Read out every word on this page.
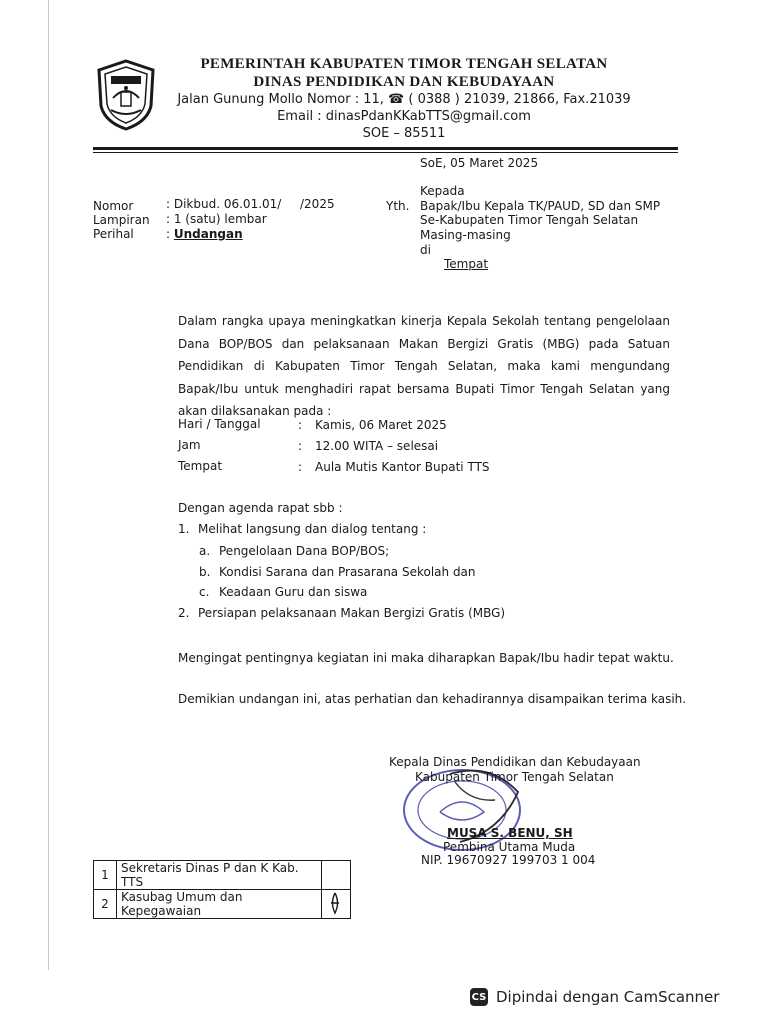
PEMERINTAH KABUPATEN TIMOR TENGAH SELATAN
DINAS PENDIDIKAN DAN KEBUDAYAAN
Jalan Gunung Mollo Nomor : 11, ☎ ( 0388 ) 21039, 21866, Fax.21039
Email : dinasPdanKKabTTS@gmail.com
SOE – 85511
SoE, 05 Maret 2025
Nomor	: Dikbud. 06.01.01/ /2025
Lampiran : 1 (satu) lembar
Perihal	: Undangan
Kepada
Yth. Bapak/Ibu Kepala TK/PAUD, SD dan SMP
Se-Kabupaten Timor Tengah Selatan
Masing-masing
di
Tempat
Dalam rangka upaya meningkatkan kinerja Kepala Sekolah tentang pengelolaan Dana BOP/BOS dan pelaksanaan Makan Bergizi Gratis (MBG) pada Satuan Pendidikan di Kabupaten Timor Tengah Selatan, maka kami mengundang Bapak/Ibu untuk menghadiri rapat bersama Bupati Timor Tengah Selatan yang akan dilaksanakan pada :
Hari / Tanggal	: Kamis, 06 Maret 2025
Jam	: 12.00 WITA – selesai
Tempat	: Aula Mutis Kantor Bupati TTS
Dengan agenda rapat sbb :
1. Melihat langsung dan dialog tentang :
a. Pengelolaan Dana BOP/BOS;
b. Kondisi Sarana dan Prasarana Sekolah dan
c. Keadaan Guru dan siswa
2. Persiapan pelaksanaan Makan Bergizi Gratis (MBG)
Mengingat pentingnya kegiatan ini maka diharapkan Bapak/Ibu hadir tepat waktu.
Demikian undangan ini, atas perhatian dan kehadirannya disampaikan terima kasih.
Kepala Dinas Pendidikan dan Kebudayaan
Kabupaten Timor Tengah Selatan
MUSA S. BENU, SH
Pembina Utama Muda
NIP. 19670927 199703 1 004
1	Sekretaris Dinas P dan K Kab. TTS	
2	Kasubag Umum dan Kepegawaian	
CS Dipindai dengan CamScanner
